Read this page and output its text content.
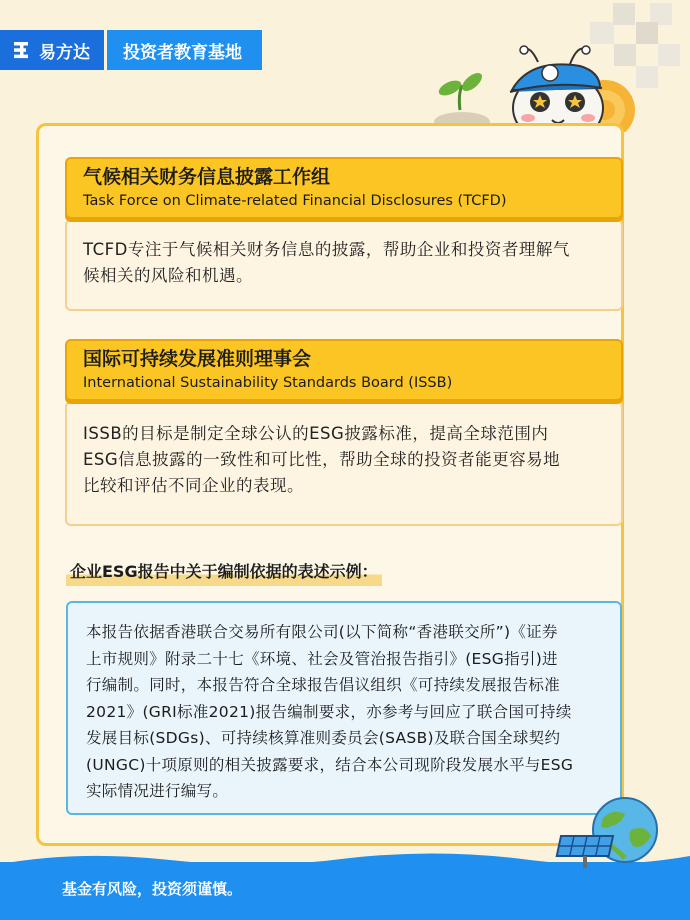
易方达	投资者教育基地
TCFD专注于气候相关财务信息的披露，帮助企业和投资者理解气
候相关的风险和机遇。
气候相关财务信息披露工作组
Task Force on Climate-related Financial Disclosures (TCFD)
ISSB的目标是制定全球公认的ESG披露标准，提高全球范围内
ESG信息披露的一致性和可比性，帮助全球的投资者能更容易地
比较和评估不同企业的表现。
国际可持续发展准则理事会
International Sustainability Standards Board (ISSB)
企业ESG报告中关于编制依据的表述示例：
本报告依据香港联合交易所有限公司(以下简称“香港联交所”)《证券
上市规则》附录二十七《环境、社会及管治报告指引》(ESG指引)进
行编制。同时，本报告符合全球报告倡议组织《可持续发展报告标准
2021》(GRI标准2021)报告编制要求，亦参考与回应了联合国可持续
发展目标(SDGs)、可持续核算准则委员会(SASB)及联合国全球契约
(UNGC)十项原则的相关披露要求，结合本公司现阶段发展水平与ESG
实际情况进行编写。
基金有风险，投资须谨慎。
